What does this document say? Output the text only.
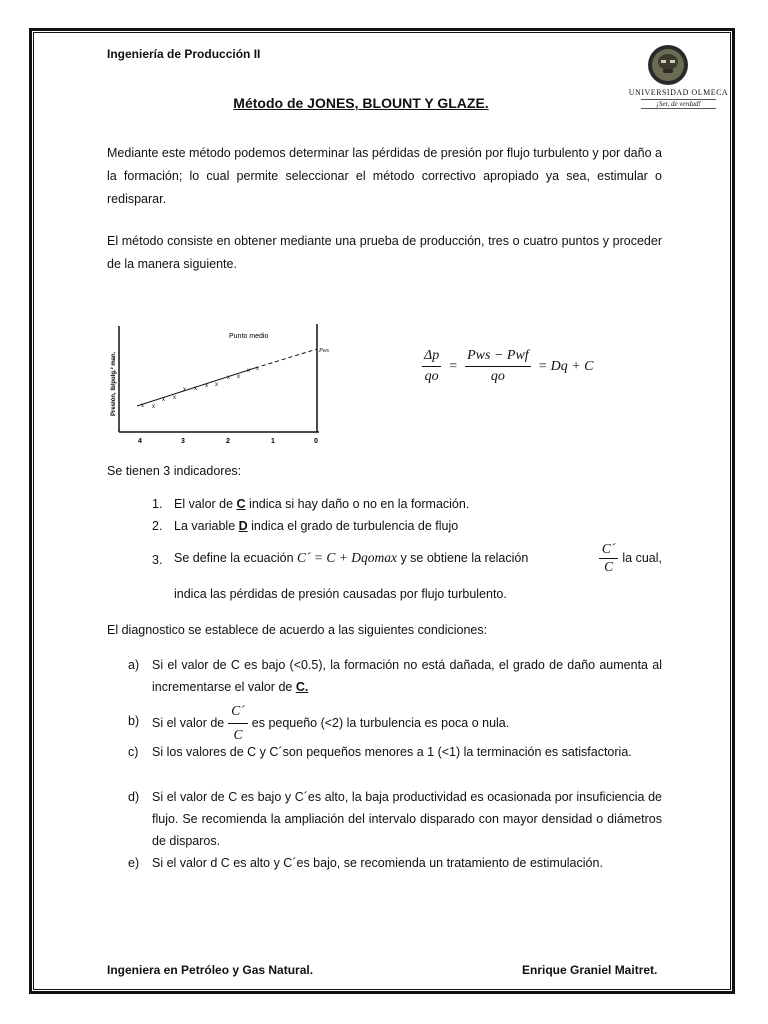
Ingeniería de Producción II
UNIVERSIDAD OLMECA
¡Ser, de verdad!
Método de JONES, BLOUNT Y GLAZE.

Mediante este método podemos determinar las pérdidas de presión por flujo turbulento y por daño a la formación; lo cual permite seleccionar el método correctivo apropiado ya sea, estimular o redisparar.

El método consiste en obtener mediante una prueba de producción, tres o cuatro puntos y proceder de la manera siguiente.

x x
x x
x x x x
x x
x x
Punto medio
Pws
Presión, lb/pulg.² man.
4	3	2	1	0
$\frac{\Delta p}{qo} = \frac{\text{Pws − Pwf}}{qo} = Dq + C$
Se tienen 3 indicadores:
1. El valor de C indica si hay daño o no en la formación.
2. La variable D indica el grado de turbulencia de flujo
3. Se define la ecuación C´ = C + Dqomax y se obtiene la relación	$\frac{C´}{C}$ la cual,
indica las pérdidas de presión causadas por flujo turbulento.
El diagnostico se establece de acuerdo a las siguientes condiciones:
a) Si el valor de C es bajo (<0.5), la formación no está dañada, el grado de daño aumenta al incrementarse el valor de C.
b) Si el valor de $\frac{C´}{C}$ es pequeño (<2) la turbulencia es poca o nula.
c) Si los valores de C y C´son pequeños menores a 1 (<1) la terminación es satisfactoria.
d) Si el valor de C es bajo y C´es alto, la baja productividad es ocasionada por insuficiencia de flujo. Se recomienda la ampliación del intervalo disparado con mayor densidad o diámetros de disparos.
e) Si el valor d C es alto y C´es bajo, se recomienda un tratamiento de estimulación.
Ingeniera en Petróleo y Gas Natural.	Enrique Graniel Maitret.
